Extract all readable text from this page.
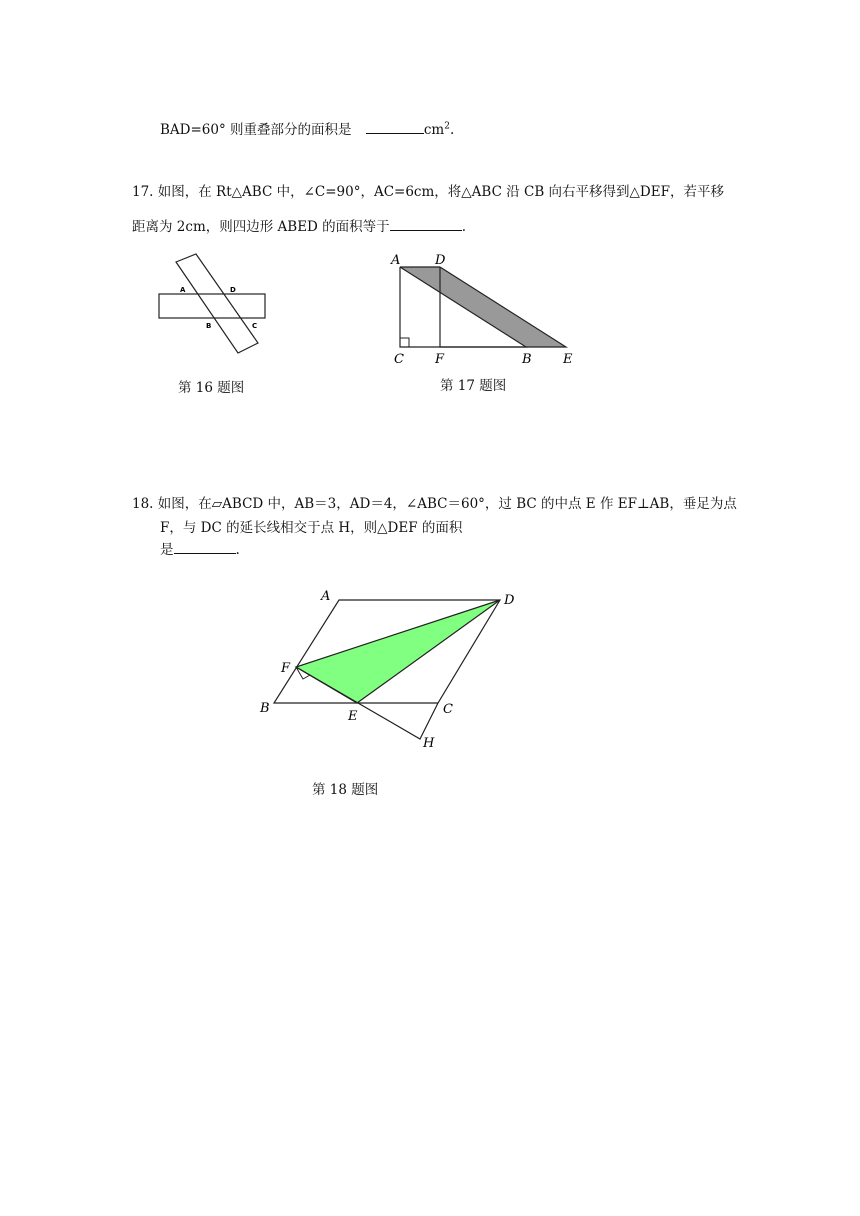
BAD=60° 则重叠部分的面积是	$cm^2$.
17. 如图，在 Rt△ABC 中，∠C=90°，AC=6cm，将△ABC 沿 CB 向右平移得到△DEF，若平移
距离为 2cm，则四边形 ABED 的面积等于	.
A	D
B	C
第 16 题图
A	D
C F	B E
第 17 题图
18. 如图，在▱ABCD 中，AB＝3，AD＝4，∠ABC＝60°，过 BC 的中点 E 作 EF⊥AB，垂足为点
F，与 DC 的延长线相交于点 H，则△DEF 的面积
是	.
A	D
F
B
E	C
H
第 18 题图
